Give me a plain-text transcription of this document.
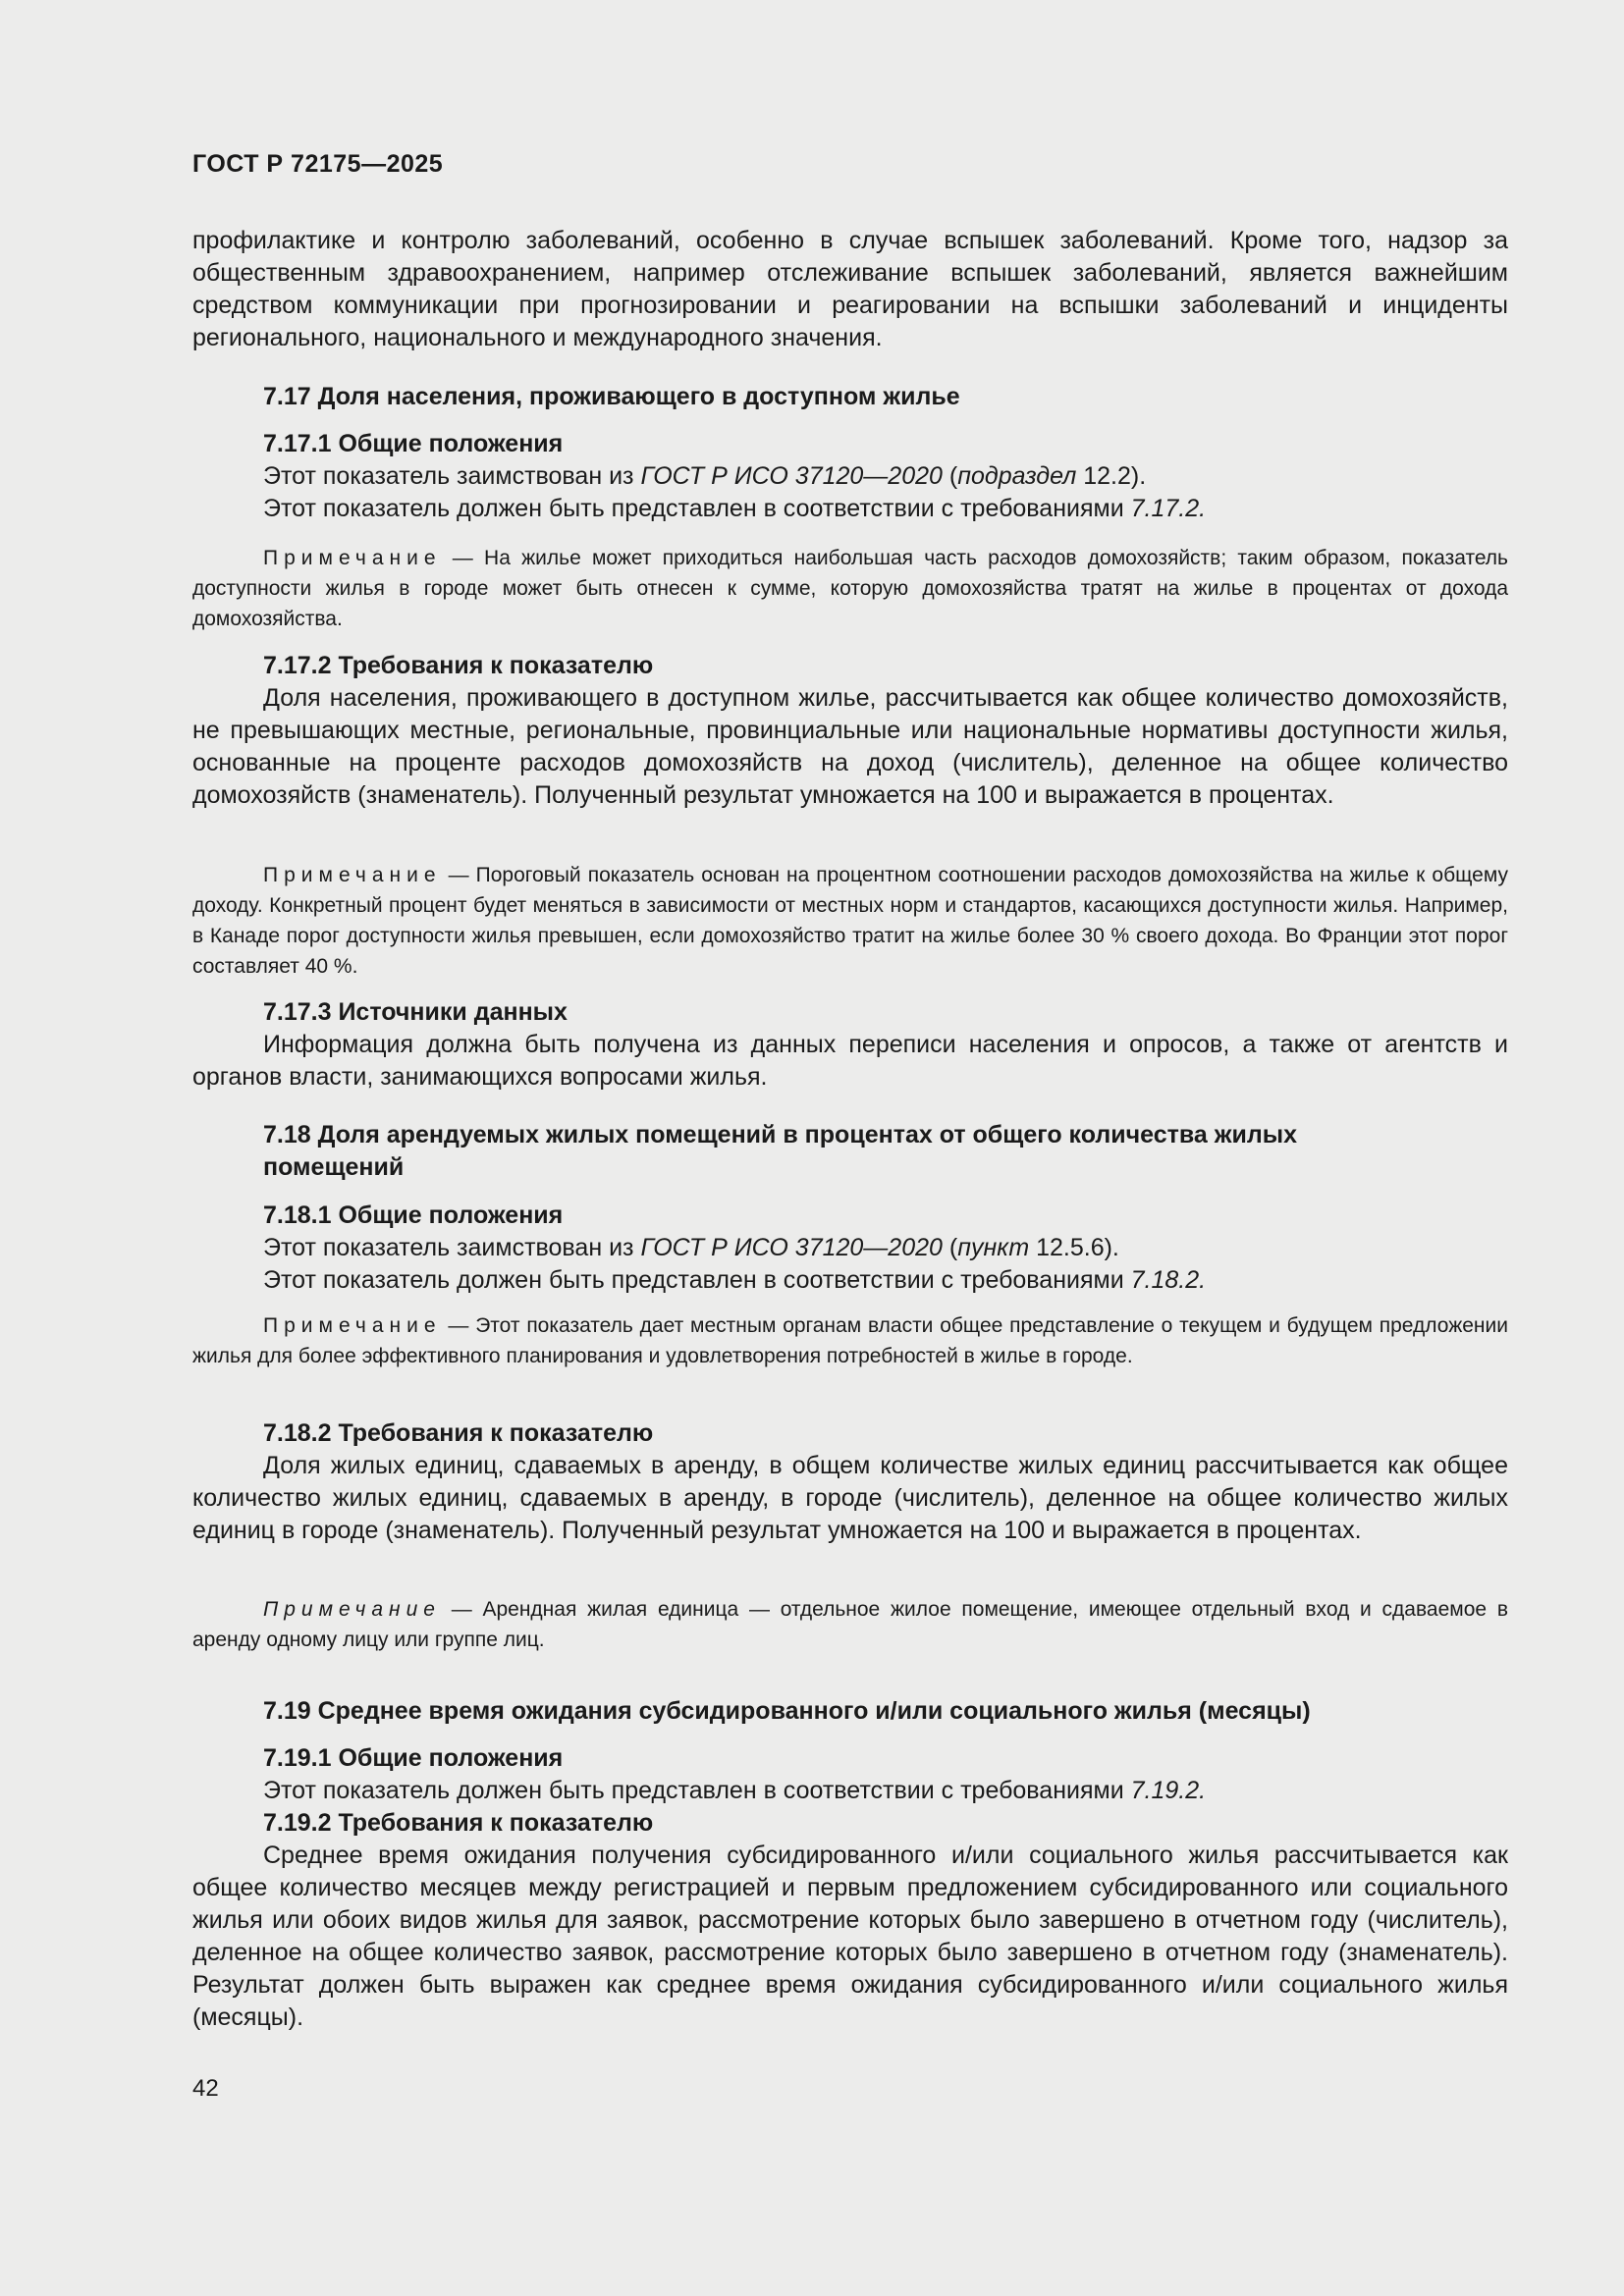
ГОСТ Р 72175—2025

профилактике и контролю заболеваний, особенно в случае вспышек заболеваний. Кроме того, надзор за общественным здравоохранением, например отслеживание вспышек заболеваний, является важнейшим средством коммуникации при прогнозировании и реагировании на вспышки заболеваний и инциденты регионального, национального и международного значения.

7.17 Доля населения, проживающего в доступном жилье

7.17.1 Общие положения

Этот показатель заимствован из ГОСТ Р ИСО 37120—2020 (подраздел 12.2).

Этот показатель должен быть представлен в соответствии с требованиями 7.17.2.

Примечание — На жилье может приходиться наибольшая часть расходов домохозяйств; таким образом, показатель доступности жилья в городе может быть отнесен к сумме, которую домохозяйства тратят на жилье в процентах от дохода домохозяйства.

7.17.2 Требования к показателю

Доля населения, проживающего в доступном жилье, рассчитывается как общее количество домохозяйств, не превышающих местные, региональные, провинциальные или национальные нормативы доступности жилья, основанные на проценте расходов домохозяйств на доход (числитель), деленное на общее количество домохозяйств (знаменатель). Полученный результат умножается на 100 и выражается в процентах.

Примечание — Пороговый показатель основан на процентном соотношении расходов домохозяйства на жилье к общему доходу. Конкретный процент будет меняться в зависимости от местных норм и стандартов, касающихся доступности жилья. Например, в Канаде порог доступности жилья превышен, если домохозяйство тратит на жилье более 30 % своего дохода. Во Франции этот порог составляет 40 %.

7.17.3 Источники данных

Информация должна быть получена из данных переписи населения и опросов, а также от агентств и органов власти, занимающихся вопросами жилья.

7.18 Доля арендуемых жилых помещений в процентах от общего количества жилых

помещений

7.18.1 Общие положения

Этот показатель заимствован из ГОСТ Р ИСО 37120—2020 (пункт 12.5.6).

Этот показатель должен быть представлен в соответствии с требованиями 7.18.2.

Примечание — Этот показатель дает местным органам власти общее представление о текущем и будущем предложении жилья для более эффективного планирования и удовлетворения потребностей в жилье в городе.

7.18.2 Требования к показателю

Доля жилых единиц, сдаваемых в аренду, в общем количестве жилых единиц рассчитывается как общее количество жилых единиц, сдаваемых в аренду, в городе (числитель), деленное на общее количество жилых единиц в городе (знаменатель). Полученный результат умножается на 100 и выражается в процентах.

Примечание — Арендная жилая единица — отдельное жилое помещение, имеющее отдельный вход и сдаваемое в аренду одному лицу или группе лиц.

7.19 Среднее время ожидания субсидированного и/или социального жилья (месяцы)

7.19.1 Общие положения

Этот показатель должен быть представлен в соответствии с требованиями 7.19.2.

7.19.2 Требования к показателю

Среднее время ожидания получения субсидированного и/или социального жилья рассчитывается как общее количество месяцев между регистрацией и первым предложением субсидированного или социального жилья или обоих видов жилья для заявок, рассмотрение которых было завершено в отчетном году (числитель), деленное на общее количество заявок, рассмотрение которых было завершено в отчетном году (знаменатель). Результат должен быть выражен как среднее время ожидания субсидированного и/или социального жилья (месяцы).

42
